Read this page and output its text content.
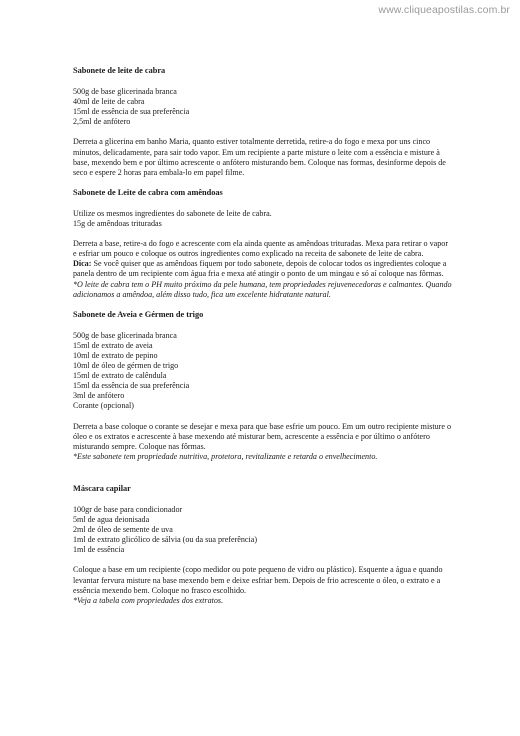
www.cliqueapostilas.com.br
Sabonete de leite de cabra
500g de base glicerinada branca
40ml de leite de cabra
15ml de essência de sua preferência
2,5ml de anfótero

Derreta a glicerina em banho Maria, quanto estiver totalmente derretida, retire-a do fogo e mexa por uns cinco minutos, delicadamente, para sair todo vapor. Em um recipiente a parte misture o leite com a essência e misture à base, mexendo bem e por último acrescente o anfótero misturando bem. Coloque nas formas, desinforme depois de seco e espere 2 horas para embala-lo em papel filme.

Sabonete de Leite de cabra com amêndoas
Utilize os mesmos ingredientes do sabonete de leite de cabra.
15g de amêndoas trituradas

Derreta a base, retire-a do fogo e acrescente com ela ainda quente as amêndoas trituradas. Mexa para retirar o vapor e esfriar um pouco e coloque os outros ingredientes como explicado na receita de sabonete de leite de cabra.

Dica: Se você quiser que as amêndoas fiquem por todo sabonete, depois de colocar todos os ingredientes coloque a panela dentro de um recipiente com água fria e mexa até atingir o ponto de um mingau e só aí coloque nas fôrmas.

*O leite de cabra tem o PH muito próximo da pele humana, tem propriedades rejuvenecedoras e calmantes. Quando adicionamos a amêndoa, além disso tudo, fica um excelente hidratante natural.

Sabonete de Aveia e Gérmen de trigo
500g de base glicerinada branca
15ml de extrato de aveia
10ml de extrato de pepino
10ml de óleo de gérmen de trigo
15ml de extrato de calêndula
15ml da essência de sua preferência
3ml de anfótero
Corante (opcional)

Derreta a base coloque o corante se desejar e mexa para que base esfrie um pouco. Em um outro recipiente misture o óleo e os extratos e acrescente à base mexendo até misturar bem, acrescente a essência e por último o anfótero misturando sempre. Coloque nas fôrmas.

*Este sabonete tem propriedade nutritiva, protetora, revitalizante e retarda o envelhecimento.

Máscara capilar
100gr de base para condicionador
5ml de agua deionisada
2ml de óleo de semente de uva
1ml de extrato glicólico de sálvia (ou da sua preferência)
1ml de essência

Coloque a base em um recipiente (copo medidor ou pote pequeno de vidro ou plástico). Esquente a água e quando levantar fervura misture na base mexendo bem e deixe esfriar bem. Depois de frio acrescente o óleo, o extrato e a essência mexendo bem. Coloque no frasco escolhido.

*Veja a tabela com propriedades dos extratos.
